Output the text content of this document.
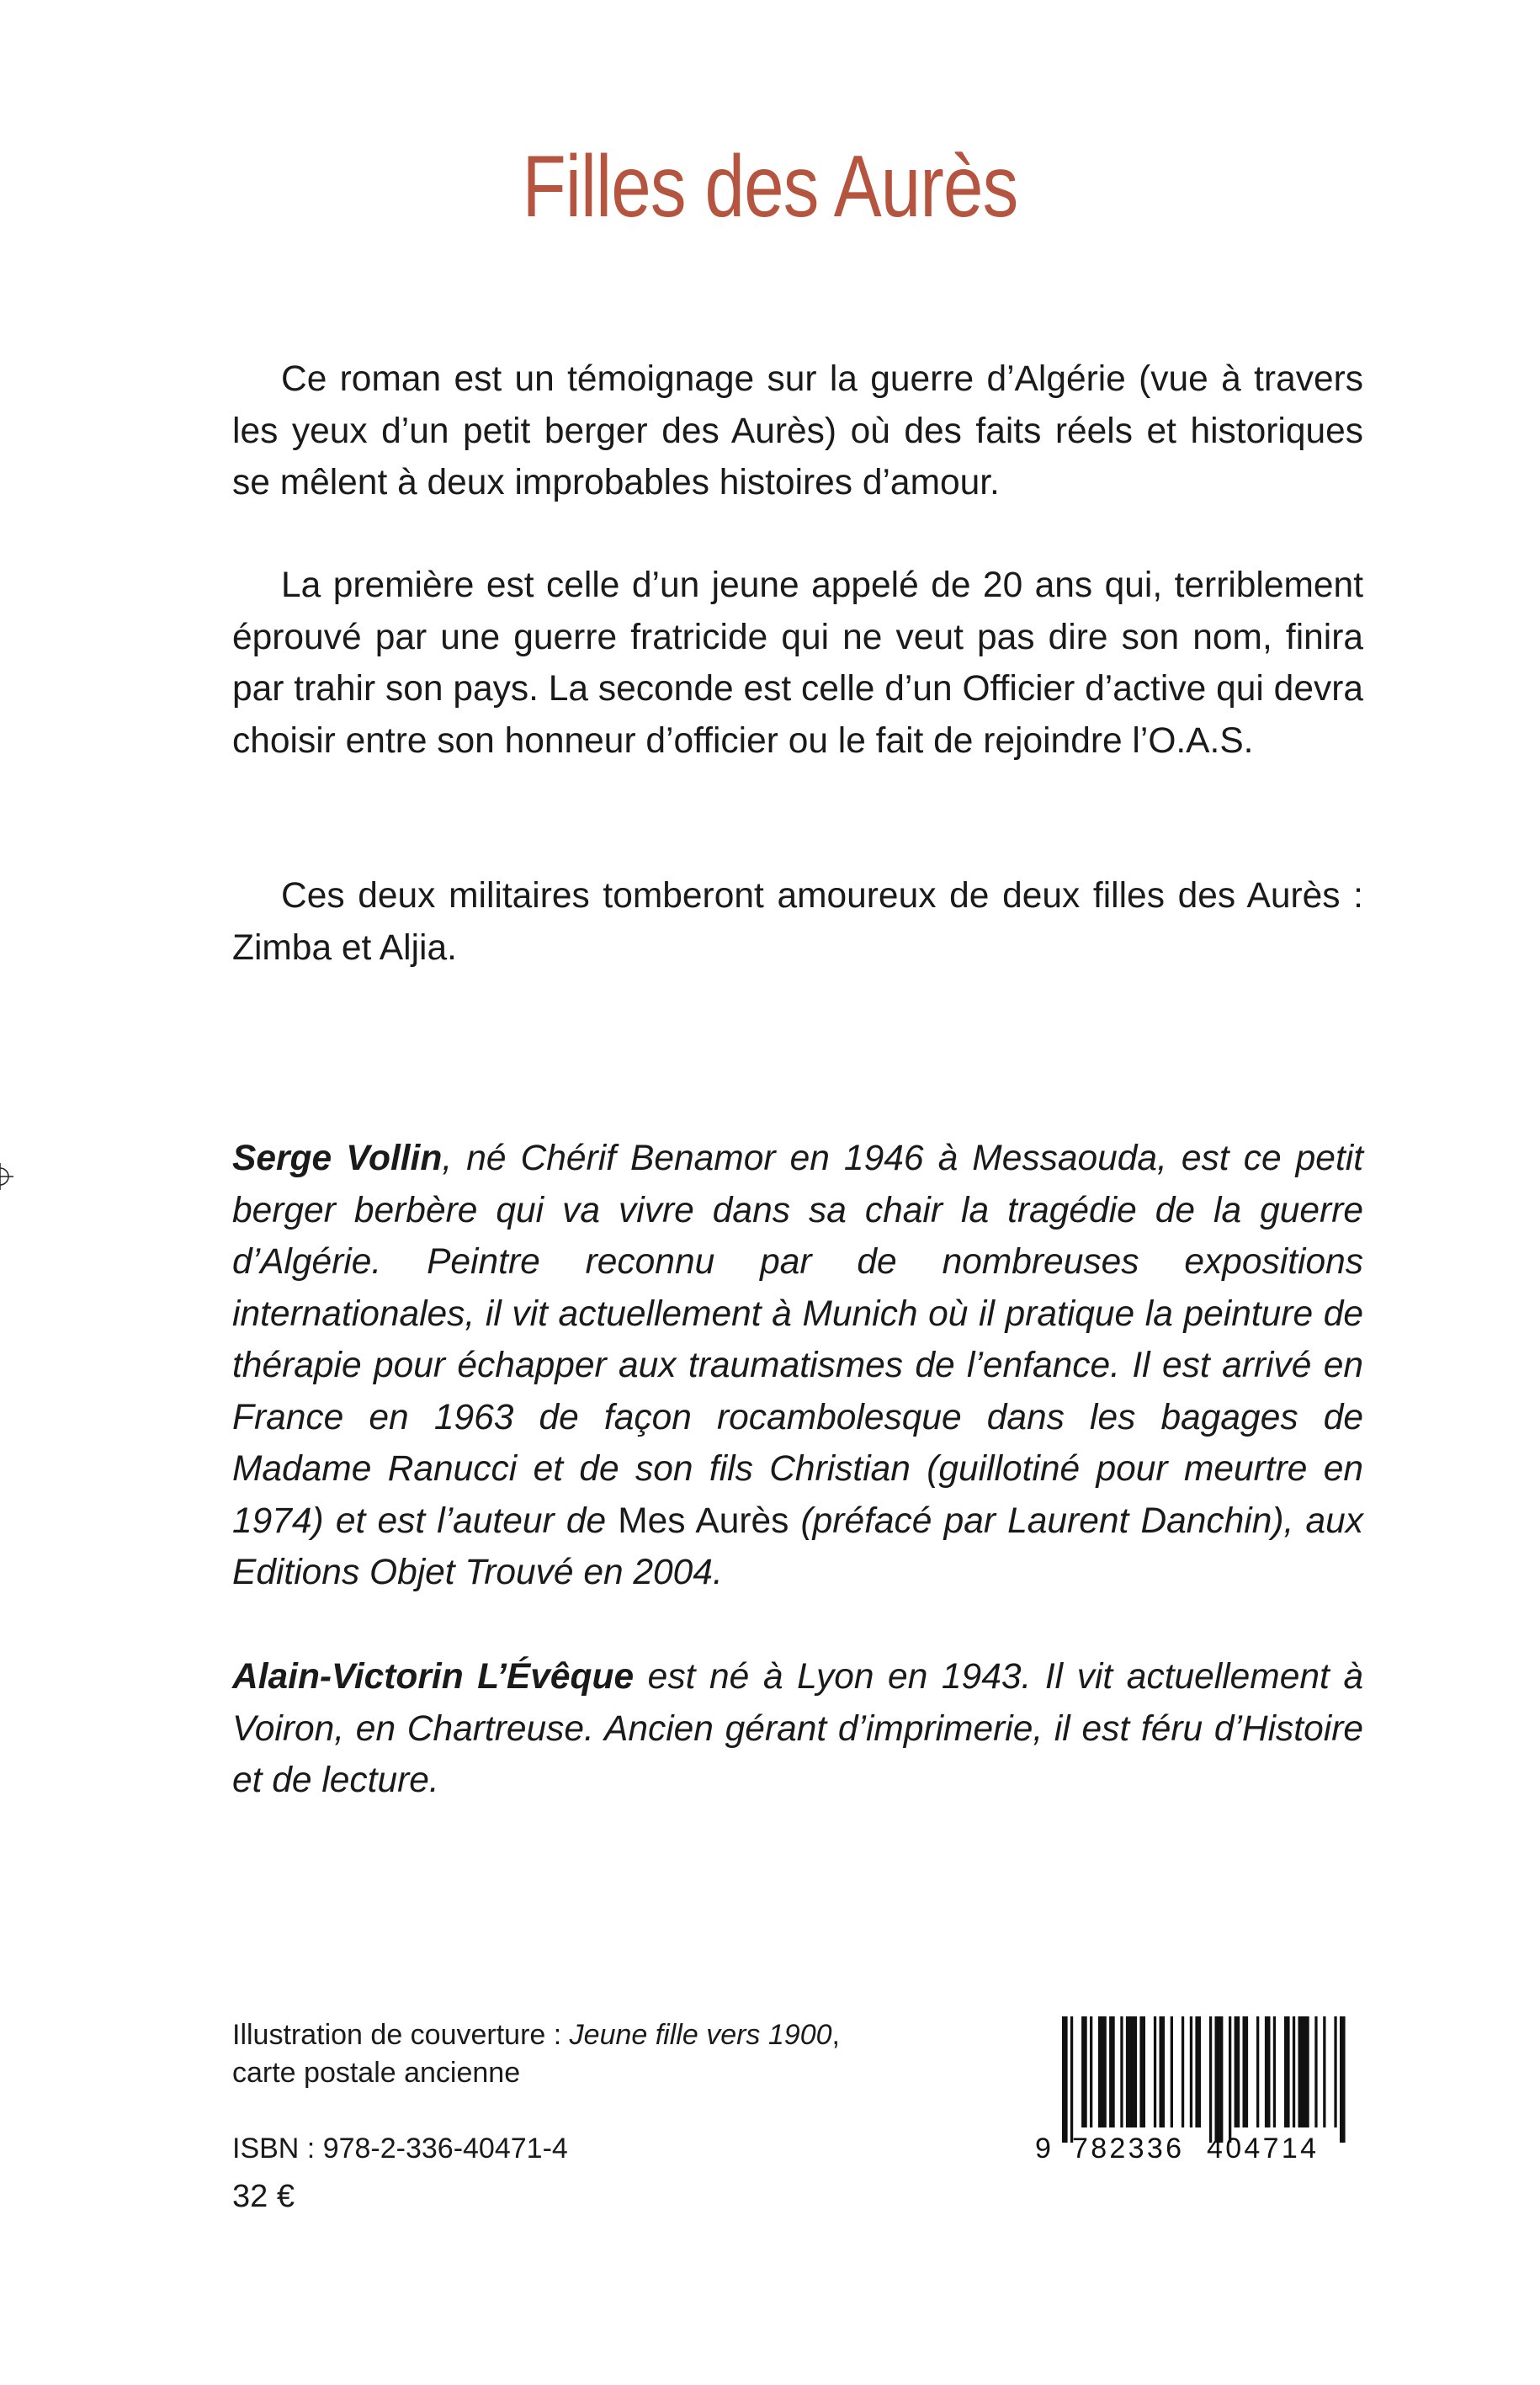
Filles des Aurès

Ce roman est un témoignage sur la guerre d’Algérie (vue à travers les yeux d’un petit berger des Aurès) où des faits réels et historiques se mêlent à deux improbables histoires d’amour.

La première est celle d’un jeune appelé de 20 ans qui, terriblement éprouvé par une guerre fratricide qui ne veut pas dire son nom, finira par trahir son pays. La seconde est celle d’un Officier d’active qui devra choisir entre son honneur d’officier ou le fait de rejoindre l’O.A.S.

Ces deux militaires tomberont amoureux de deux filles des Aurès : Zimba et Aljia.

Serge Vollin, né Chérif Benamor en 1946 à Messaouda, est ce petit berger berbère qui va vivre dans sa chair la tragédie de la guerre d’Algérie. Peintre reconnu par de nombreuses expositions internationales, il vit actuellement à Munich où il pratique la peinture de thérapie pour échapper aux traumatismes de l’enfance. Il est arrivé en France en 1963 de façon rocambolesque dans les bagages de Madame Ranucci et de son fils Christian (guillotiné pour meurtre en 1974) et est l’auteur de Mes Aurès (préfacé par Laurent Danchin), aux Editions Objet Trouvé en 2004.
Alain-Victorin L’Évêque est né à Lyon en 1943. Il vit actuellement à Voiron, en Chartreuse. Ancien gérant d’imprimerie, il est féru d’Histoire et de lecture.
Illustration de couverture : Jeune fille vers 1900,
carte postale ancienne
ISBN : 978-2-336-40471-4
32 €
9 782336 404714
